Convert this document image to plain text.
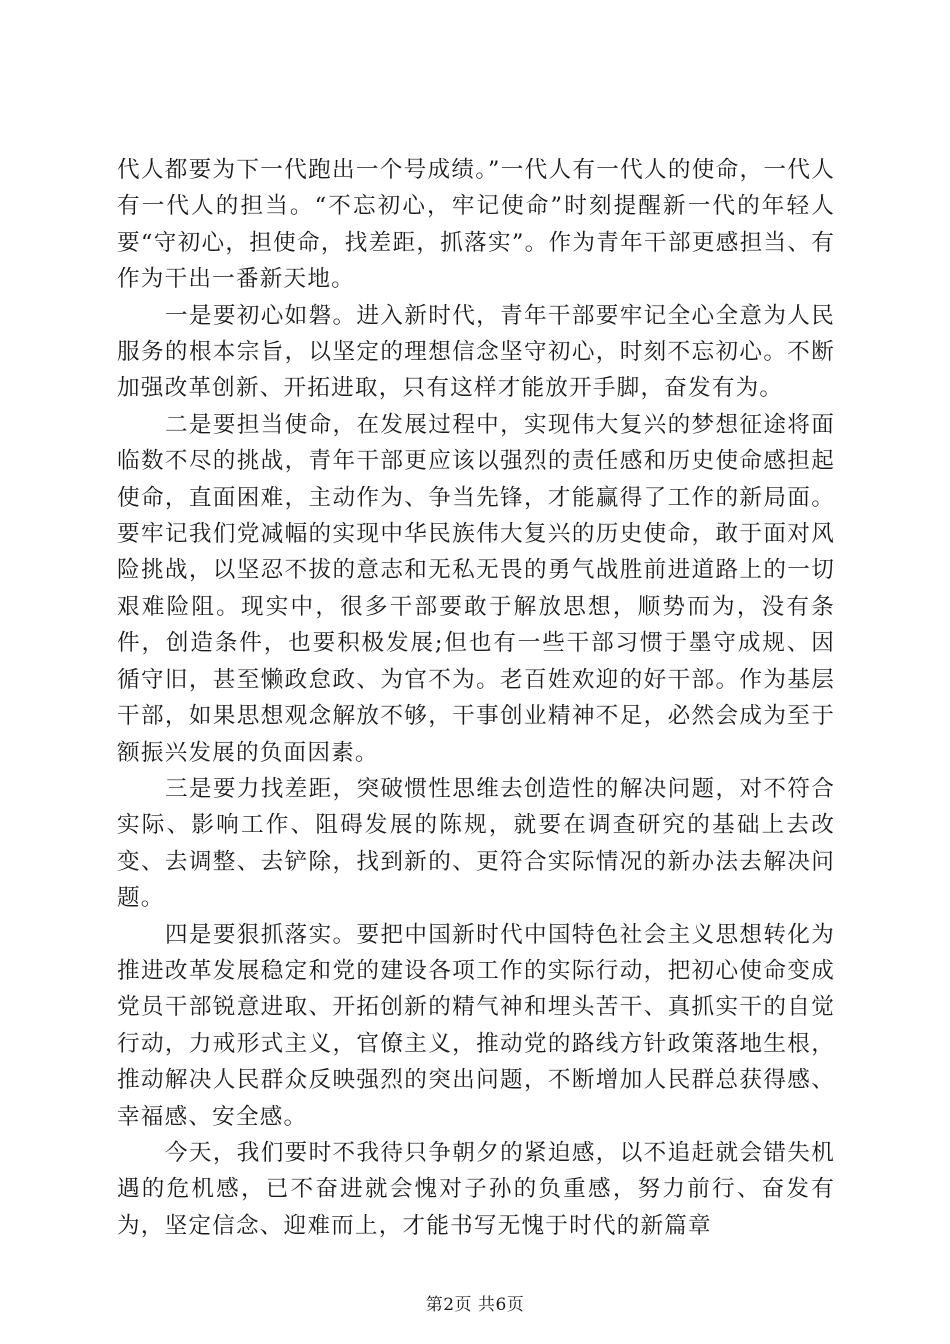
代人都要为下一代跑出一个号成绩。”一代人有一代人的使命，一代人有一代人的担当。“不忘初心，牢记使命”时刻提醒新一代的年轻人要“守初心，担使命，找差距，抓落实”。作为青年干部更感担当、有作为干出一番新天地。

一是要初心如磐。进入新时代，青年干部要牢记全心全意为人民服务的根本宗旨，以坚定的理想信念坚守初心，时刻不忘初心。不断加强改革创新、开拓进取，只有这样才能放开手脚，奋发有为。

二是要担当使命，在发展过程中，实现伟大复兴的梦想征途将面临数不尽的挑战，青年干部更应该以强烈的责任感和历史使命感担起使命，直面困难，主动作为、争当先锋，才能赢得了工作的新局面。要牢记我们党减幅的实现中华民族伟大复兴的历史使命，敢于面对风险挑战，以坚忍不拔的意志和无私无畏的勇气战胜前进道路上的一切艰难险阻。现实中，很多干部要敢于解放思想，顺势而为，没有条件，创造条件，也要积极发展;但也有一些干部习惯于墨守成规、因循守旧，甚至懒政怠政、为官不为。老百姓欢迎的好干部。作为基层干部，如果思想观念解放不够，干事创业精神不足，必然会成为至于额振兴发展的负面因素。

三是要力找差距，突破惯性思维去创造性的解决问题，对不符合实际、影响工作、阻碍发展的陈规，就要在调查研究的基础上去改变、去调整、去铲除，找到新的、更符合实际情况的新办法去解决问题。

四是要狠抓落实。要把中国新时代中国特色社会主义思想转化为推进改革发展稳定和党的建设各项工作的实际行动，把初心使命变成党员干部锐意进取、开拓创新的精气神和埋头苦干、真抓实干的自觉行动，力戒形式主义，官僚主义，推动党的路线方针政策落地生根，推动解决人民群众反映强烈的突出问题，不断增加人民群总获得感、幸福感、安全感。

今天，我们要时不我待只争朝夕的紧迫感，以不追赶就会错失机遇的危机感，已不奋进就会愧对子孙的负重感，努力前行、奋发有为，坚定信念、迎难而上，才能书写无愧于时代的新篇章

第2页 共6页
